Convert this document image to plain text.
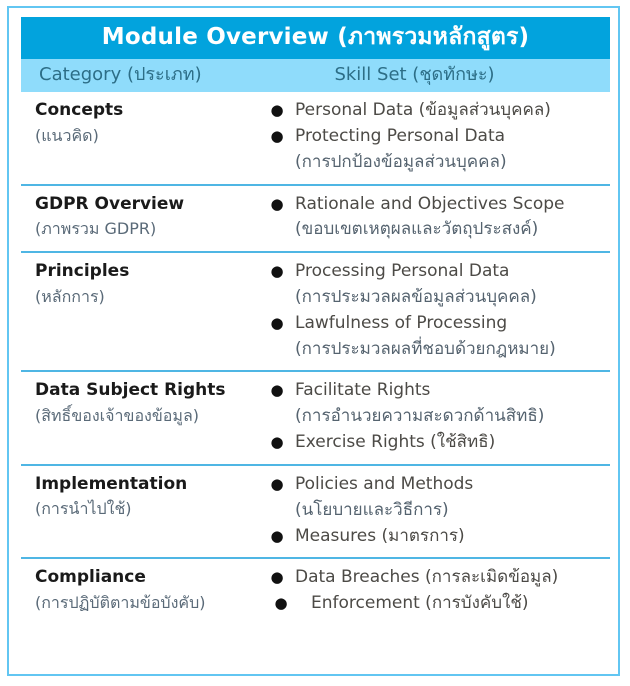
Module Overview (ภาพรวมหลักสูตร)
Category (ประเภท)	Skill Set (ชุดทักษะ)
Concepts
(แนวคิด)
● Personal Data (ข้อมูลส่วนบุคคล)
● Protecting Personal Data
(การปกป้องข้อมูลส่วนบุคคล)
GDPR Overview
(ภาพรวม GDPR)
● Rationale and Objectives Scope
(ขอบเขตเหตุผลและวัตถุประสงค์)
Principles
(หลักการ)
● Processing Personal Data
(การประมวลผลข้อมูลส่วนบุคคล)
● Lawfulness of Processing
(การประมวลผลที่ชอบด้วยกฎหมาย)
Data Subject Rights
(สิทธิ์ของเจ้าของข้อมูล)
● Facilitate Rights
(การอำนวยความสะดวกด้านสิทธิ)
● Exercise Rights (ใช้สิทธิ)
Implementation
(การนำไปใช้)
● Policies and Methods
(นโยบายและวิธีการ)
● Measures (มาตรการ)
Compliance
(การปฏิบัติตามข้อบังคับ)
● Data Breaches (การละเมิดข้อมูล)
●	Enforcement (การบังคับใช้)
